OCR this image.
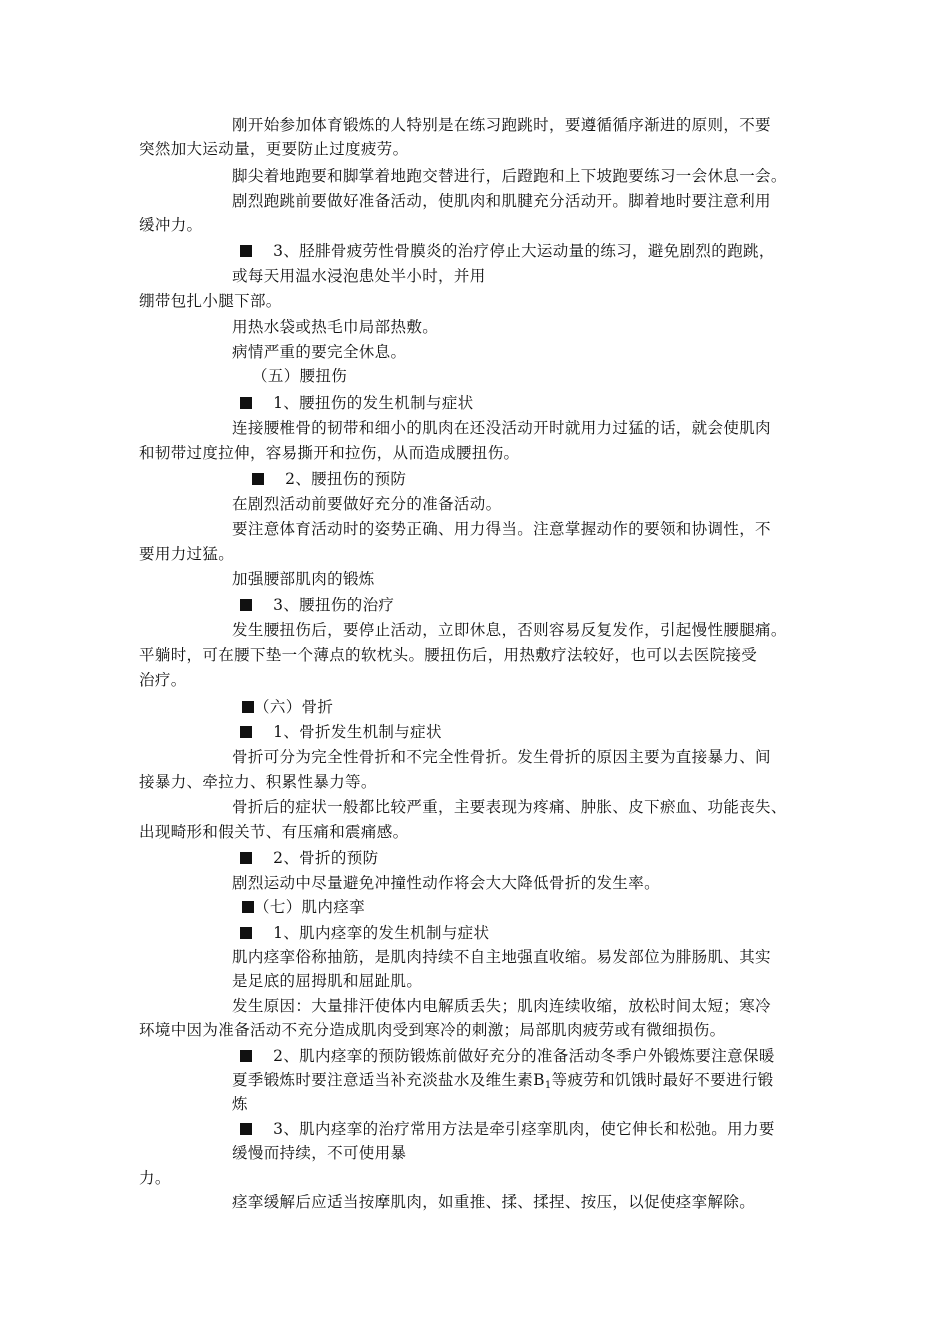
刚开始参加体育锻炼的人特别是在练习跑跳时，要遵循循序渐进的原则，不要

突然加大运动量，更要防止过度疲劳。

脚尖着地跑要和脚掌着地跑交替进行，后蹬跑和上下坡跑要练习一会休息一会。

剧烈跑跳前要做好准备活动，使肌肉和肌腱充分活动开。脚着地时要注意利用

缓冲力。

3、胫腓骨疲劳性骨膜炎的治疗停止大运动量的练习，避免剧烈的跑跳，

或每天用温水浸泡患处半小时，并用

绷带包扎小腿下部。

用热水袋或热毛巾局部热敷。

病情严重的要完全休息。

（五）腰扭伤

1、腰扭伤的发生机制与症状

连接腰椎骨的韧带和细小的肌肉在还没活动开时就用力过猛的话，就会使肌肉

和韧带过度拉伸，容易撕开和拉伤，从而造成腰扭伤。

2、腰扭伤的预防

在剧烈活动前要做好充分的准备活动。

要注意体育活动时的姿势正确、用力得当。注意掌握动作的要领和协调性，不

要用力过猛。

加强腰部肌肉的锻炼

3、腰扭伤的治疗

发生腰扭伤后，要停止活动，立即休息，否则容易反复发作，引起慢性腰腿痛。

平躺时，可在腰下垫一个薄点的软枕头。腰扭伤后，用热敷疗法较好，也可以去医院接受

治疗。

（六）骨折
1、骨折发生机制与症状

骨折可分为完全性骨折和不完全性骨折。发生骨折的原因主要为直接暴力、间

接暴力、牵拉力、积累性暴力等。

骨折后的症状一般都比较严重，主要表现为疼痛、肿胀、皮下瘀血、功能丧失、

出现畸形和假关节、有压痛和震痛感。

2、骨折的预防

剧烈运动中尽量避免冲撞性动作将会大大降低骨折的发生率。

（七）肌内痉挛
1、肌内痉挛的发生机制与症状

肌内痉挛俗称抽筋，是肌肉持续不自主地强直收缩。易发部位为腓肠肌、其实

是足底的屈拇肌和屈趾肌。

发生原因：大量排汗使体内电解质丢失；肌肉连续收缩，放松时间太短；寒冷

环境中因为准备活动不充分造成肌肉受到寒冷的刺激；局部肌肉疲劳或有微细损伤。

2、肌内痉挛的预防锻炼前做好充分的准备活动冬季户外锻炼要注意保暖
夏季锻炼时要注意适当补充淡盐水及维生素$B_1$等疲劳和饥饿时最好不要进行锻

炼

3、肌内痉挛的治疗常用方法是牵引痉挛肌肉，使它伸长和松弛。用力要

缓慢而持续，不可使用暴

力。

痉挛缓解后应适当按摩肌肉，如重推、揉、揉捏、按压，以促使痉挛解除。
